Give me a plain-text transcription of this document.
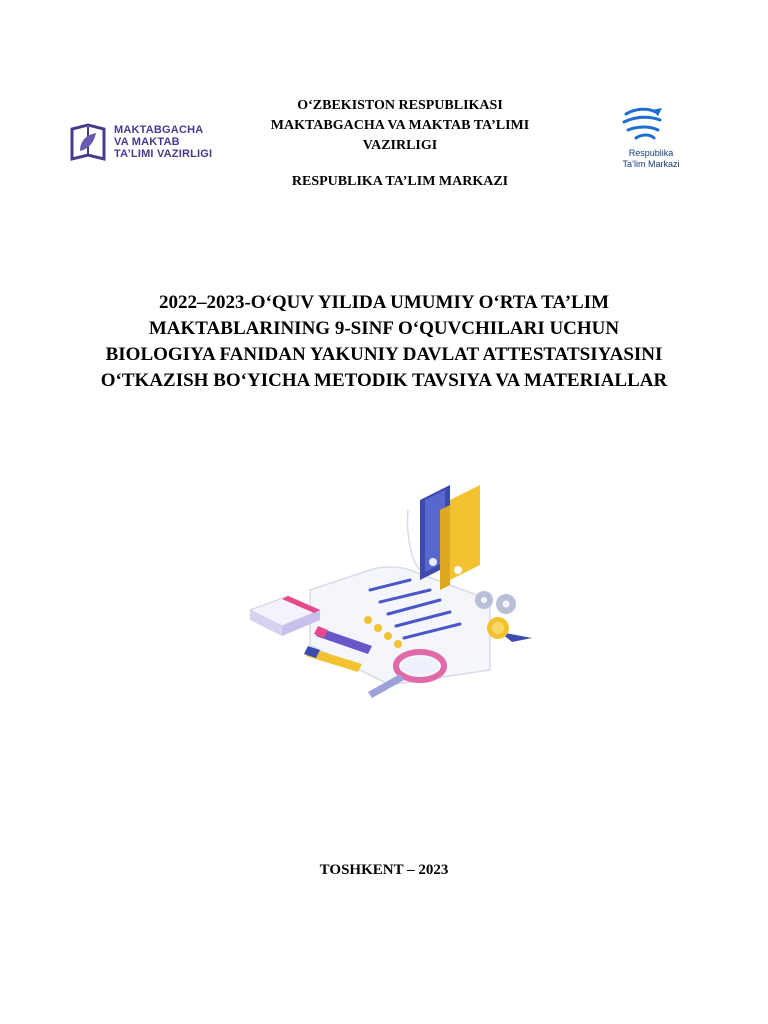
MAKTABGACHA
VA MAKTAB
TA’LIMI VAZIRLIGI
O‘ZBEKISTON RESPUBLIKASI
MAKTABGACHA VA MAKTAB TA’LIMI
VAZIRLIGI
RESPUBLIKA TA’LIM MARKAZI
Respublika
Ta’lim Markazi
2022–2023-O‘QUV YILIDA UMUMIY O‘RTA TA’LIM
MAKTABLARINING 9-SINF O‘QUVCHILARI UCHUN
BIOLOGIYA FANIDAN YAKUNIY DAVLAT ATTESTATSIYASINI
O‘TKAZISH BO‘YICHA METODIK TAVSIYA VA MATERIALLAR
TOSHKENT – 2023
